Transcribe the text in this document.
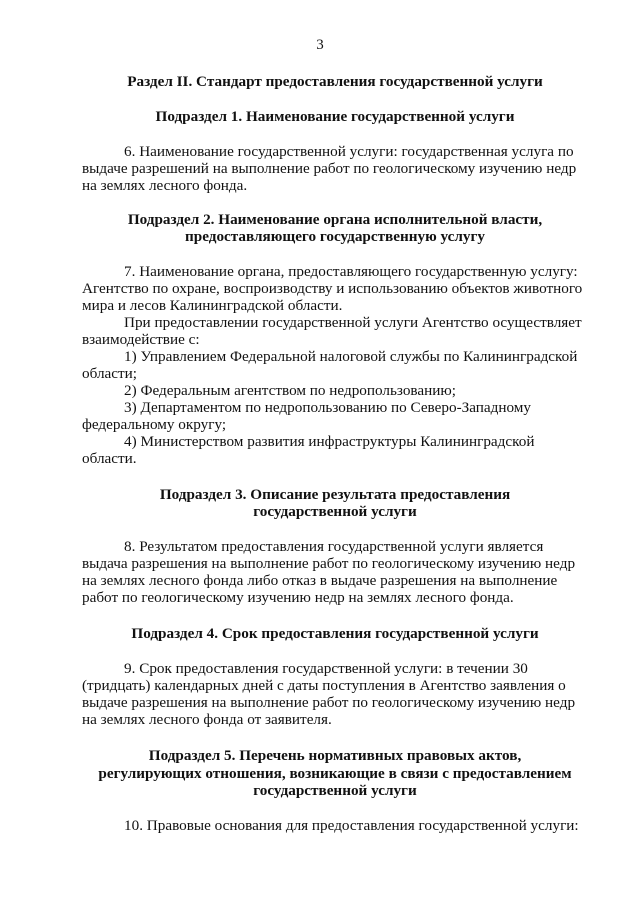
3
Раздел II. Стандарт предоставления государственной услуги
Подраздел 1. Наименование государственной услуги
6. Наименование государственной услуги: государственная услуга по
выдаче разрешений на выполнение работ по геологическому изучению недр
на землях лесного фонда.
Подраздел 2. Наименование органа исполнительной власти,
предоставляющего государственную услугу
7. Наименование органа, предоставляющего государственную услугу:
Агентство по охране, воспроизводству и использованию объектов животного
мира и лесов Калининградской области.
При предоставлении государственной услуги Агентство осуществляет
взаимодействие с:
1) Управлением Федеральной налоговой службы по Калининградской
области;
2) Федеральным агентством по недропользованию;
3) Департаментом по недропользованию по Северо-Западному
федеральному округу;
4) Министерством развития инфраструктуры Калининградской
области.
Подраздел 3. Описание результата предоставления
государственной услуги
8. Результатом предоставления государственной услуги является
выдача разрешения на выполнение работ по геологическому изучению недр
на землях лесного фонда либо отказ в выдаче разрешения на выполнение
работ по геологическому изучению недр на землях лесного фонда.
Подраздел 4. Срок предоставления государственной услуги
9. Срок предоставления государственной услуги: в течении 30
(тридцать) календарных дней с даты поступления в Агентство заявления о
выдаче разрешения на выполнение работ по геологическому изучению недр
на землях лесного фонда от заявителя.
Подраздел 5. Перечень нормативных правовых актов,
регулирующих отношения, возникающие в связи с предоставлением
государственной услуги
10. Правовые основания для предоставления государственной услуги:
